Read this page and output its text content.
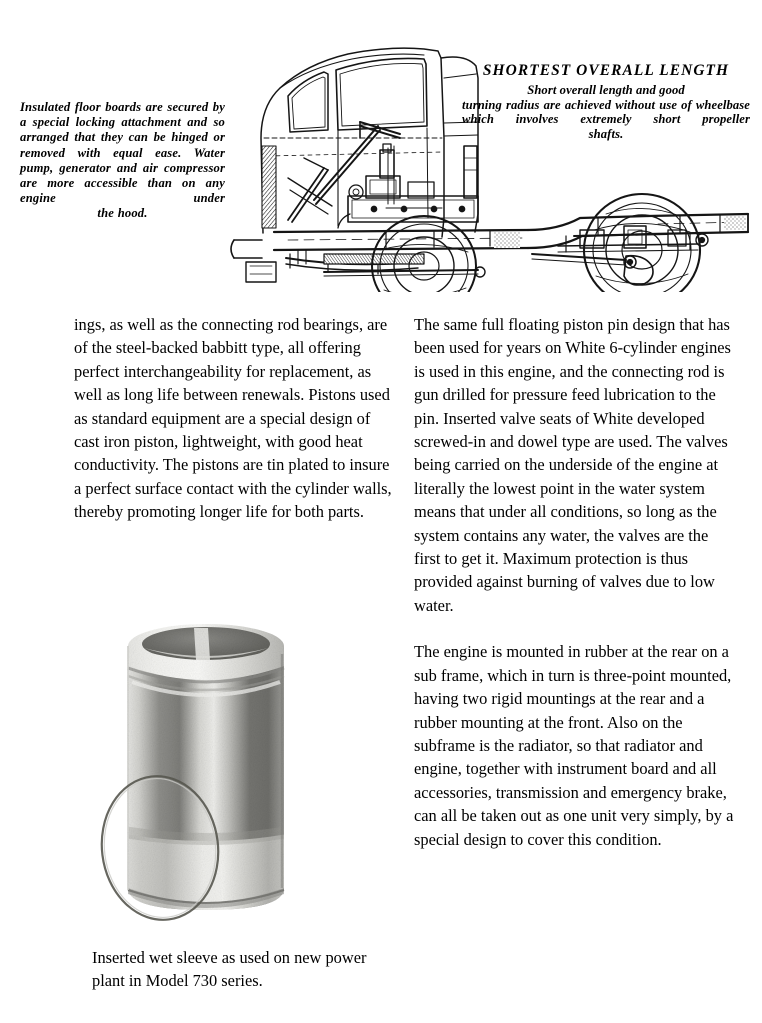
Insulated floor boards are secured by a special locking attachment and so arranged that they can be hinged or removed with equal ease. Water pump, generator and air compressor are more accessible than on any engine under
the hood.
SHORTEST OVERALL LENGTH
Short overall length and good
turning radius are achieved without use of wheelbase which involves extremely short propeller
shafts.

ings, as well as the connecting rod bearings, are of the steel-backed babbitt type, all offering perfect interchangeability for replacement, as well as long life between renewals. Pistons used as standard equipment are a special design of cast iron piston, lightweight, with good heat conductivity. The pistons are tin plated to insure a perfect surface contact with the cylinder walls, thereby promoting longer life for both parts.

The same full floating piston pin design that has been used for years on White 6-cylinder engines is used in this engine, and the connecting rod is gun drilled for pressure feed lubrication to the pin. Inserted valve seats of White developed screwed-in and dowel type are used. The valves being carried on the underside of the engine at literally the lowest point in the water system means that under all conditions, so long as the system contains any water, the valves are the first to get it. Maximum protection is thus provided against burning of valves due to low water.

The engine is mounted in rubber at the rear on a sub frame, which in turn is three-point mounted, having two rigid mountings at the rear and a rubber mounting at the front. Also on the subframe is the radiator, so that radiator and engine, together with instrument board and all accessories, transmission and emergency brake, can all be taken out as one unit very simply, by a special design to cover this condition.

Inserted wet sleeve as used on new power plant in Model 730 series.
